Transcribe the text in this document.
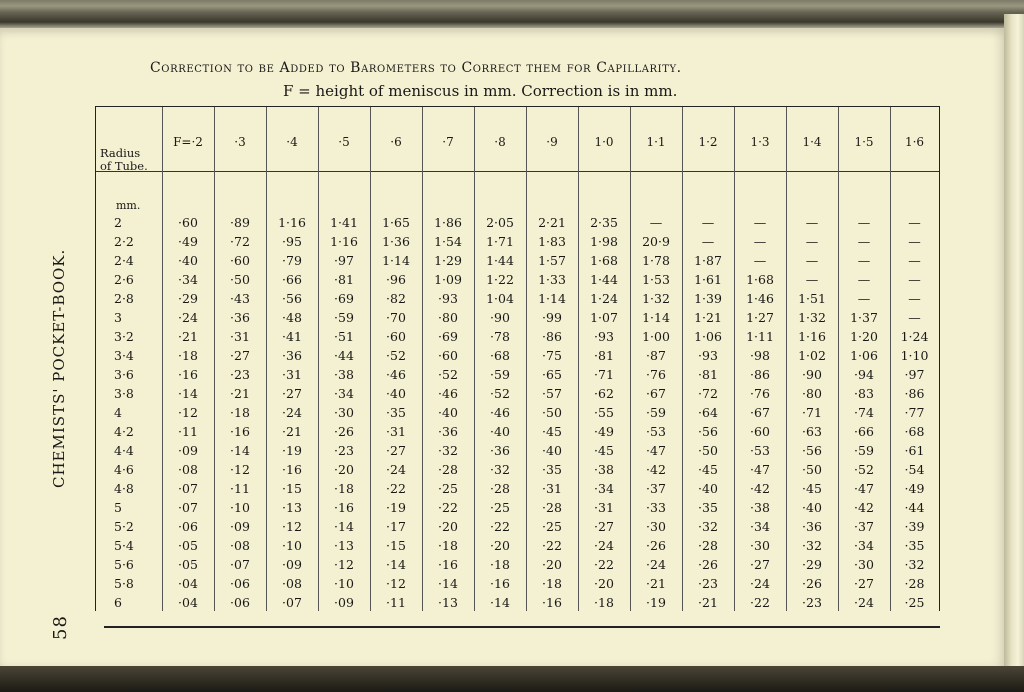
CHEMISTS' POCKET-BOOK.
58
Correction to be Added to Barometers to Correct them for Capillarity.
F = height of meniscus in mm. Correction is in mm.
Radius
of Tube.
mm.
2
2·2
2·4
2·6
2·8
3
3·2
3·4
3·6
3·8
4
4·2
4·4
4·6
4·8
5
5·2
5·4
5·6
5·8
6
F=·2
·60
·49
·40
·34
·29
·24
·21
·18
·16
·14
·12
·11
·09
·08
·07
·07
·06
·05
·05
·04
·04
·3
·89
·72
·60
·50
·43
·36
·31
·27
·23
·21
·18
·16
·14
·12
·11
·10
·09
·08
·07
·06
·06
·4
1·16
·95
·79
·66
·56
·48
·41
·36
·31
·27
·24
·21
·19
·16
·15
·13
·12
·10
·09
·08
·07
·5
1·41
1·16
·97
·81
·69
·59
·51
·44
·38
·34
·30
·26
·23
·20
·18
·16
·14
·13
·12
·10
·09
·6
1·65
1·36
1·14
·96
·82
·70
·60
·52
·46
·40
·35
·31
·27
·24
·22
·19
·17
·15
·14
·12
·11
·7
1·86
1·54
1·29
1·09
·93
·80
·69
·60
·52
·46
·40
·36
·32
·28
·25
·22
·20
·18
·16
·14
·13
·8
2·05
1·71
1·44
1·22
1·04
·90
·78
·68
·59
·52
·46
·40
·36
·32
·28
·25
·22
·20
·18
·16
·14
·9
2·21
1·83
1·57
1·33
1·14
·99
·86
·75
·65
·57
·50
·45
·40
·35
·31
·28
·25
·22
·20
·18
·16
1·0
2·35
1·98
1·68
1·44
1·24
1·07
·93
·81
·71
·62
·55
·49
·45
·38
·34
·31
·27
·24
·22
·20
·18
1·1
—
20·9
1·78
1·53
1·32
1·14
1·00
·87
·76
·67
·59
·53
·47
·42
·37
·33
·30
·26
·24
·21
·19
1·2
—
—
1·87
1·61
1·39
1·21
1·06
·93
·81
·72
·64
·56
·50
·45
·40
·35
·32
·28
·26
·23
·21
1·3
—
—
—
1·68
1·46
1·27
1·11
·98
·86
·76
·67
·60
·53
·47
·42
·38
·34
·30
·27
·24
·22
1·4
—
—
—
—
1·51
1·32
1·16
1·02
·90
·80
·71
·63
·56
·50
·45
·40
·36
·32
·29
·26
·23
1·5
—
—
—
—
—
1·37
1·20
1·06
·94
·83
·74
·66
·59
·52
·47
·42
·37
·34
·30
·27
·24
1·6
—
—
—
—
—
—
1·24
1·10
·97
·86
·77
·68
·61
·54
·49
·44
·39
·35
·32
·28
·25
